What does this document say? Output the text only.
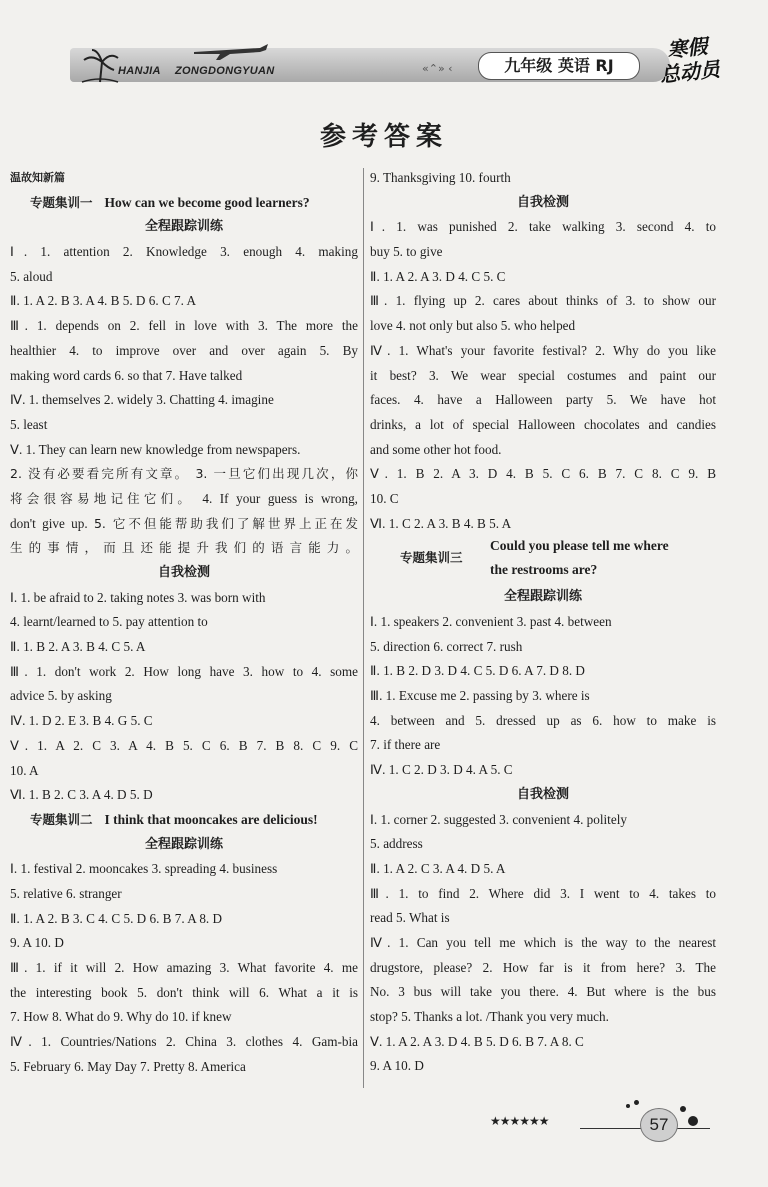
HANJIA ZONGDONGYUAN	«⌃» ‹	九年级 英语 RJ
寒假
总动员
参考答案
温故知新篇
专题集训一 How can we become good learners?
全程跟踪训练
Ⅰ. 1. attention 2. Knowledge 3. enough 4. making
5. aloud
Ⅱ. 1. A 2. B 3. A 4. B 5. D 6. C 7. A
Ⅲ. 1. depends on 2. fell in love with 3. The more the
healthier 4. to improve over and over again 5. By
making word cards 6. so that 7. Have talked
Ⅳ. 1. themselves 2. widely 3. Chatting 4. imagine
5. least
Ⅴ. 1. They can learn new knowledge from newspapers.
2. 没有必要看完所有文章。 3. 一旦它们出现几次，你
将会很容易地记住它们。 4. If your guess is wrong,
don't give up. 5. 它不但能帮助我们了解世界上正在发
生的事情，而且还能提升我们的语言能力。
自我检测
Ⅰ. 1. be afraid to 2. taking notes 3. was born with
4. learnt/learned to 5. pay attention to
Ⅱ. 1. B 2. A 3. B 4. C 5. A
Ⅲ. 1. don't work 2. How long have 3. how to 4. some
advice 5. by asking
Ⅳ. 1. D 2. E 3. B 4. G 5. C
Ⅴ. 1. A 2. C 3. A 4. B 5. C 6. B 7. B 8. C 9. C
10. A
Ⅵ. 1. B 2. C 3. A 4. D 5. D
专题集训二 I think that mooncakes are delicious!
全程跟踪训练
Ⅰ. 1. festival 2. mooncakes 3. spreading 4. business
5. relative 6. stranger
Ⅱ. 1. A 2. B 3. C 4. C 5. D 6. B 7. A 8. D
9. A 10. D
Ⅲ. 1. if it will 2. How amazing 3. What favorite 4. me
the interesting book 5. don't think will 6. What a it is
7. How 8. What do 9. Why do 10. if knew
Ⅳ. 1. Countries/Nations 2. China 3. clothes 4. Gam-bia
5. February 6. May Day 7. Pretty 8. America
9. Thanksgiving 10. fourth
自我检测
Ⅰ. 1. was punished 2. take walking 3. second 4. to
buy 5. to give
Ⅱ. 1. A 2. A 3. D 4. C 5. C
Ⅲ. 1. flying up 2. cares about thinks of 3. to show our
love 4. not only but also 5. who helped
Ⅳ. 1. What's your favorite festival? 2. Why do you like
it best? 3. We wear special costumes and paint our
faces. 4. have a Halloween party 5. We have hot
drinks, a lot of special Halloween chocolates and candies
and some other hot food.
Ⅴ. 1. B 2. A 3. D 4. B 5. C 6. B 7. C 8. C 9. B
10. C
Ⅵ. 1. C 2. A 3. B 4. B 5. A
专题集训三
Could you please tell me where
the restrooms are?
全程跟踪训练
Ⅰ. 1. speakers 2. convenient 3. past 4. between
5. direction 6. correct 7. rush
Ⅱ. 1. B 2. D 3. D 4. C 5. D 6. A 7. D 8. D
Ⅲ. 1. Excuse me 2. passing by 3. where is
4. between and 5. dressed up as 6. how to make is
7. if there are
Ⅳ. 1. C 2. D 3. D 4. A 5. C
自我检测
Ⅰ. 1. corner 2. suggested 3. convenient 4. politely
5. address
Ⅱ. 1. A 2. C 3. A 4. D 5. A
Ⅲ. 1. to find 2. Where did 3. I went to 4. takes to
read 5. What is
Ⅳ. 1. Can you tell me which is the way to the nearest
drugstore, please? 2. How far is it from here? 3. The
No. 3 bus will take you there. 4. But where is the bus
stop? 5. Thanks a lot. /Thank you very much.
Ⅴ. 1. A 2. A 3. D 4. B 5. D 6. B 7. A 8. C
9. A 10. D
★★★★★★	57
